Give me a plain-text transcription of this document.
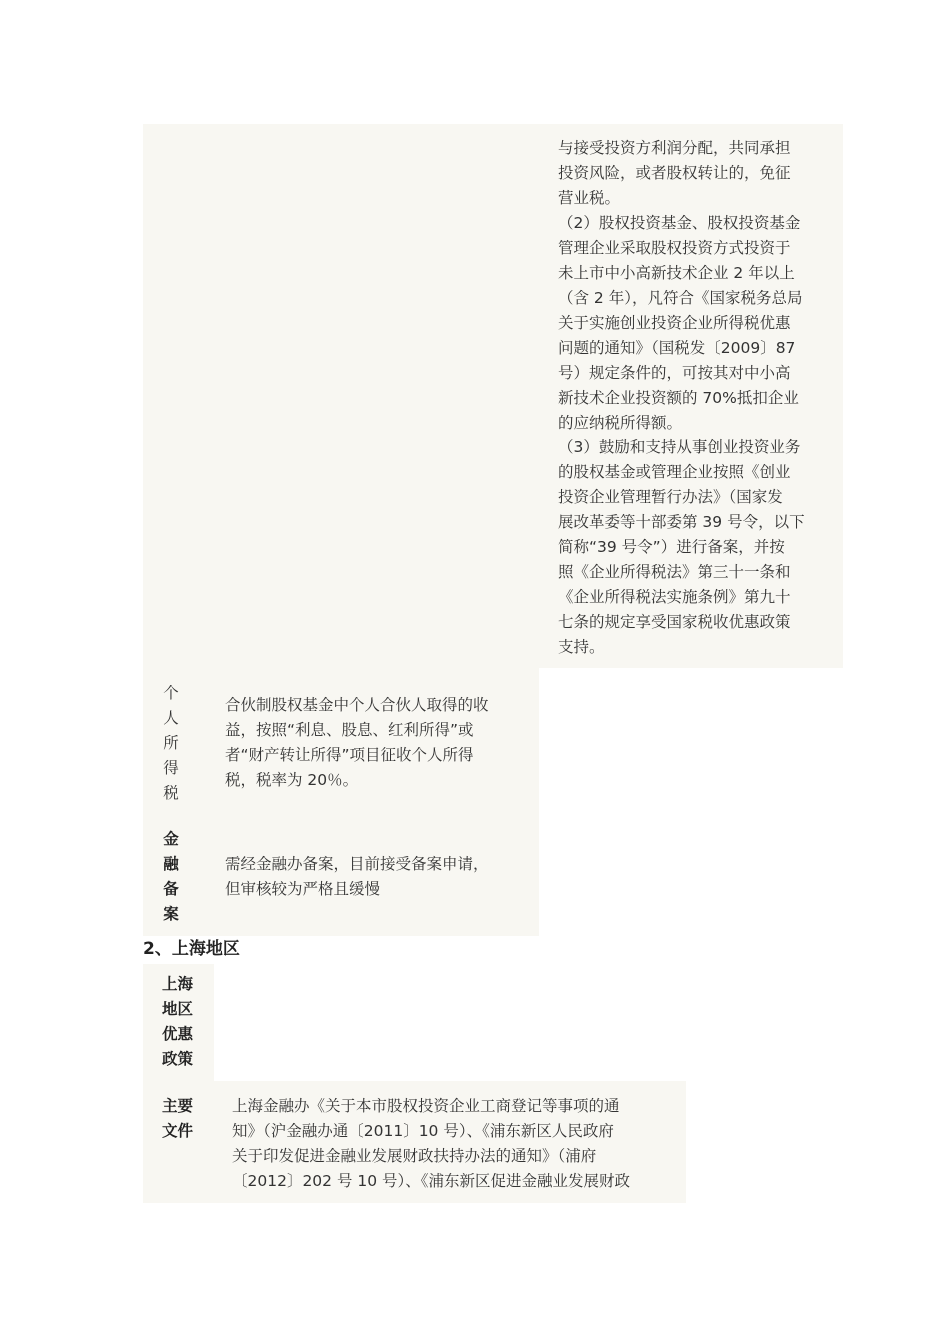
与接受投资方利润分配，共同承担
投资风险，或者股权转让的，免征
营业税。

（2）股权投资基金、股权投资基金
管理企业采取股权投资方式投资于
未上市中小高新技术企业 2 年以上
（含 2 年），凡符合《国家税务总局
关于实施创业投资企业所得税优惠
问题的通知》（国税发〔2009〕87
号）规定条件的，可按其对中小高
新技术企业投资额的 70%抵扣企业
的应纳税所得额。

（3）鼓励和支持从事创业投资业务
的股权基金或管理企业按照《创业
投资企业管理暂行办法》（国家发
展改革委等十部委第 39 号令，以下
简称“39 号令”）进行备案，并按
照《企业所得税法》第三十一条和
《企业所得税法实施条例》第九十
七条的规定享受国家税收优惠政策
支持。

个
人
所
得
税

合伙制股权基金中个人合伙人取得的收
益，按照“利息、股息、红利所得”或
者“财产转让所得”项目征收个人所得
税，税率为 20％。

金
融
备
案

需经金融办备案，目前接受备案申请，
但审核较为严格且缓慢

2、上海地区

上海
地区
优惠
政策

主要
文件

上海金融办《关于本市股权投资企业工商登记等事项的通
知》（沪金融办通〔2011〕10 号）、《浦东新区人民政府
关于印发促进金融业发展财政扶持办法的通知》（浦府
〔2012〕202 号 10 号）、《浦东新区促进金融业发展财政
